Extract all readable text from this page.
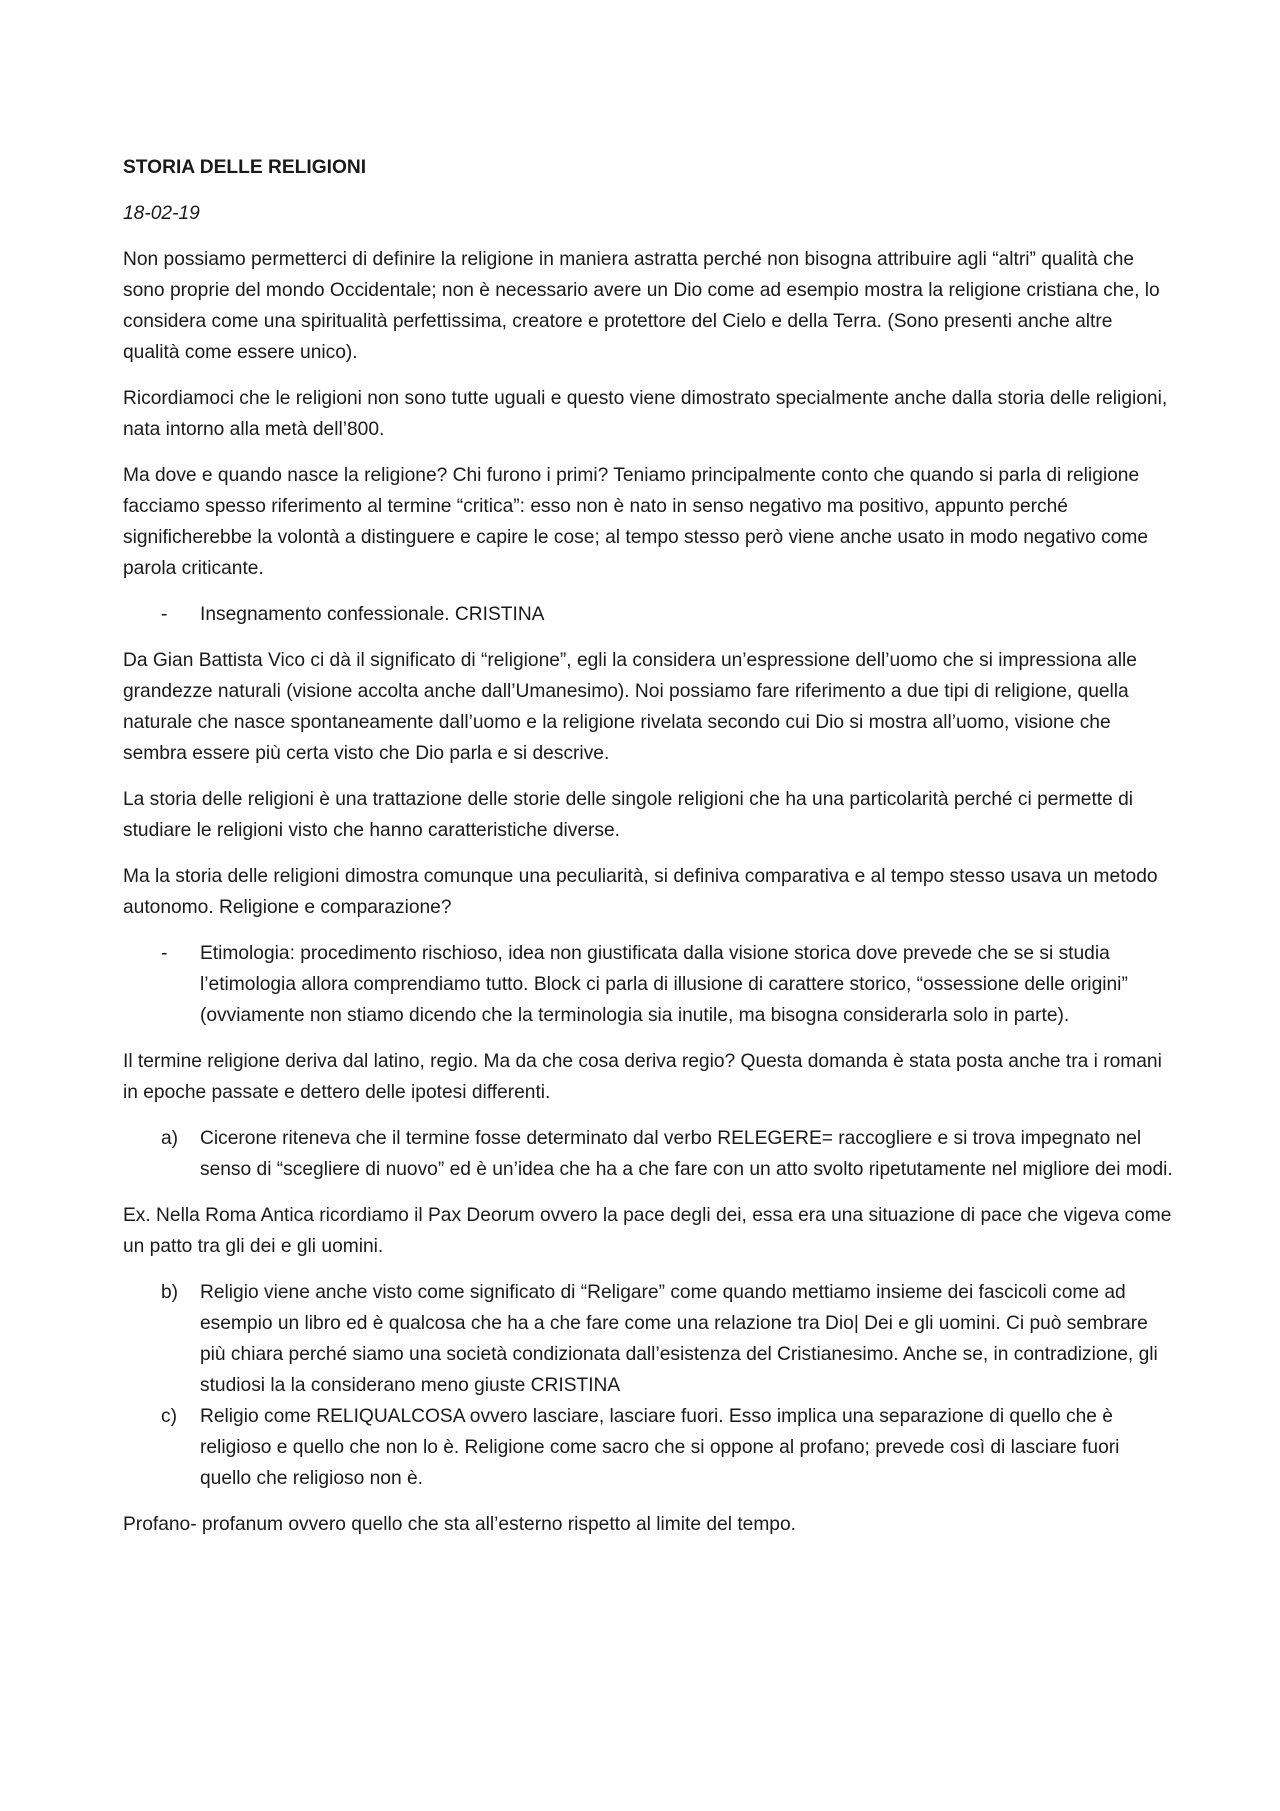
STORIA DELLE RELIGIONI
18-02-19

Non possiamo permetterci di definire la religione in maniera astratta perché non bisogna attribuire agli “altri” qualità che sono proprie del mondo Occidentale; non è necessario avere un Dio come ad esempio mostra la religione cristiana che, lo considera come una spiritualità perfettissima, creatore e protettore del Cielo e della Terra. (Sono presenti anche altre qualità come essere unico).

Ricordiamoci che le religioni non sono tutte uguali e questo viene dimostrato specialmente anche dalla storia delle religioni, nata intorno alla metà dell’800.

Ma dove e quando nasce la religione? Chi furono i primi? Teniamo principalmente conto che quando si parla di religione facciamo spesso riferimento al termine “critica”: esso non è nato in senso negativo ma positivo, appunto perché significherebbe la volontà a distinguere e capire le cose; al tempo stesso però viene anche usato in modo negativo come parola criticante.

- Insegnamento confessionale. CRISTINA

Da Gian Battista Vico ci dà il significato di “religione”, egli la considera un’espressione dell’uomo che si impressiona alle grandezze naturali (visione accolta anche dall’Umanesimo). Noi possiamo fare riferimento a due tipi di religione, quella naturale che nasce spontaneamente dall’uomo e la religione rivelata secondo cui Dio si mostra all’uomo, visione che sembra essere più certa visto che Dio parla e si descrive.

La storia delle religioni è una trattazione delle storie delle singole religioni che ha una particolarità perché ci permette di studiare le religioni visto che hanno caratteristiche diverse.

Ma la storia delle religioni dimostra comunque una peculiarità, si definiva comparativa e al tempo stesso usava un metodo autonomo. Religione e comparazione?

- Etimologia: procedimento rischioso, idea non giustificata dalla visione storica dove prevede che se si studia l’etimologia allora comprendiamo tutto. Block ci parla di illusione di carattere storico, “ossessione delle origini” (ovviamente non stiamo dicendo che la terminologia sia inutile, ma bisogna considerarla solo in parte).

Il termine religione deriva dal latino, regio. Ma da che cosa deriva regio? Questa domanda è stata posta anche tra i romani in epoche passate e dettero delle ipotesi differenti.

a) Cicerone riteneva che il termine fosse determinato dal verbo RELEGERE= raccogliere e si trova impegnato nel senso di “scegliere di nuovo” ed è un’idea che ha a che fare con un atto svolto ripetutamente nel migliore dei modi.

Ex. Nella Roma Antica ricordiamo il Pax Deorum ovvero la pace degli dei, essa era una situazione di pace che vigeva come un patto tra gli dei e gli uomini.

b) Religio viene anche visto come significato di “Religare” come quando mettiamo insieme dei fascicoli come ad esempio un libro ed è qualcosa che ha a che fare come una relazione tra Dio| Dei e gli uomini. Ci può sembrare più chiara perché siamo una società condizionata dall’esistenza del Cristianesimo. Anche se, in contradizione, gli studiosi la la considerano meno giuste CRISTINA
c) Religio come RELIQUALCOSA ovvero lasciare, lasciare fuori. Esso implica una separazione di quello che è religioso e quello che non lo è. Religione come sacro che si oppone al profano; prevede così di lasciare fuori quello che religioso non è.

Profano- profanum ovvero quello che sta all’esterno rispetto al limite del tempo.
